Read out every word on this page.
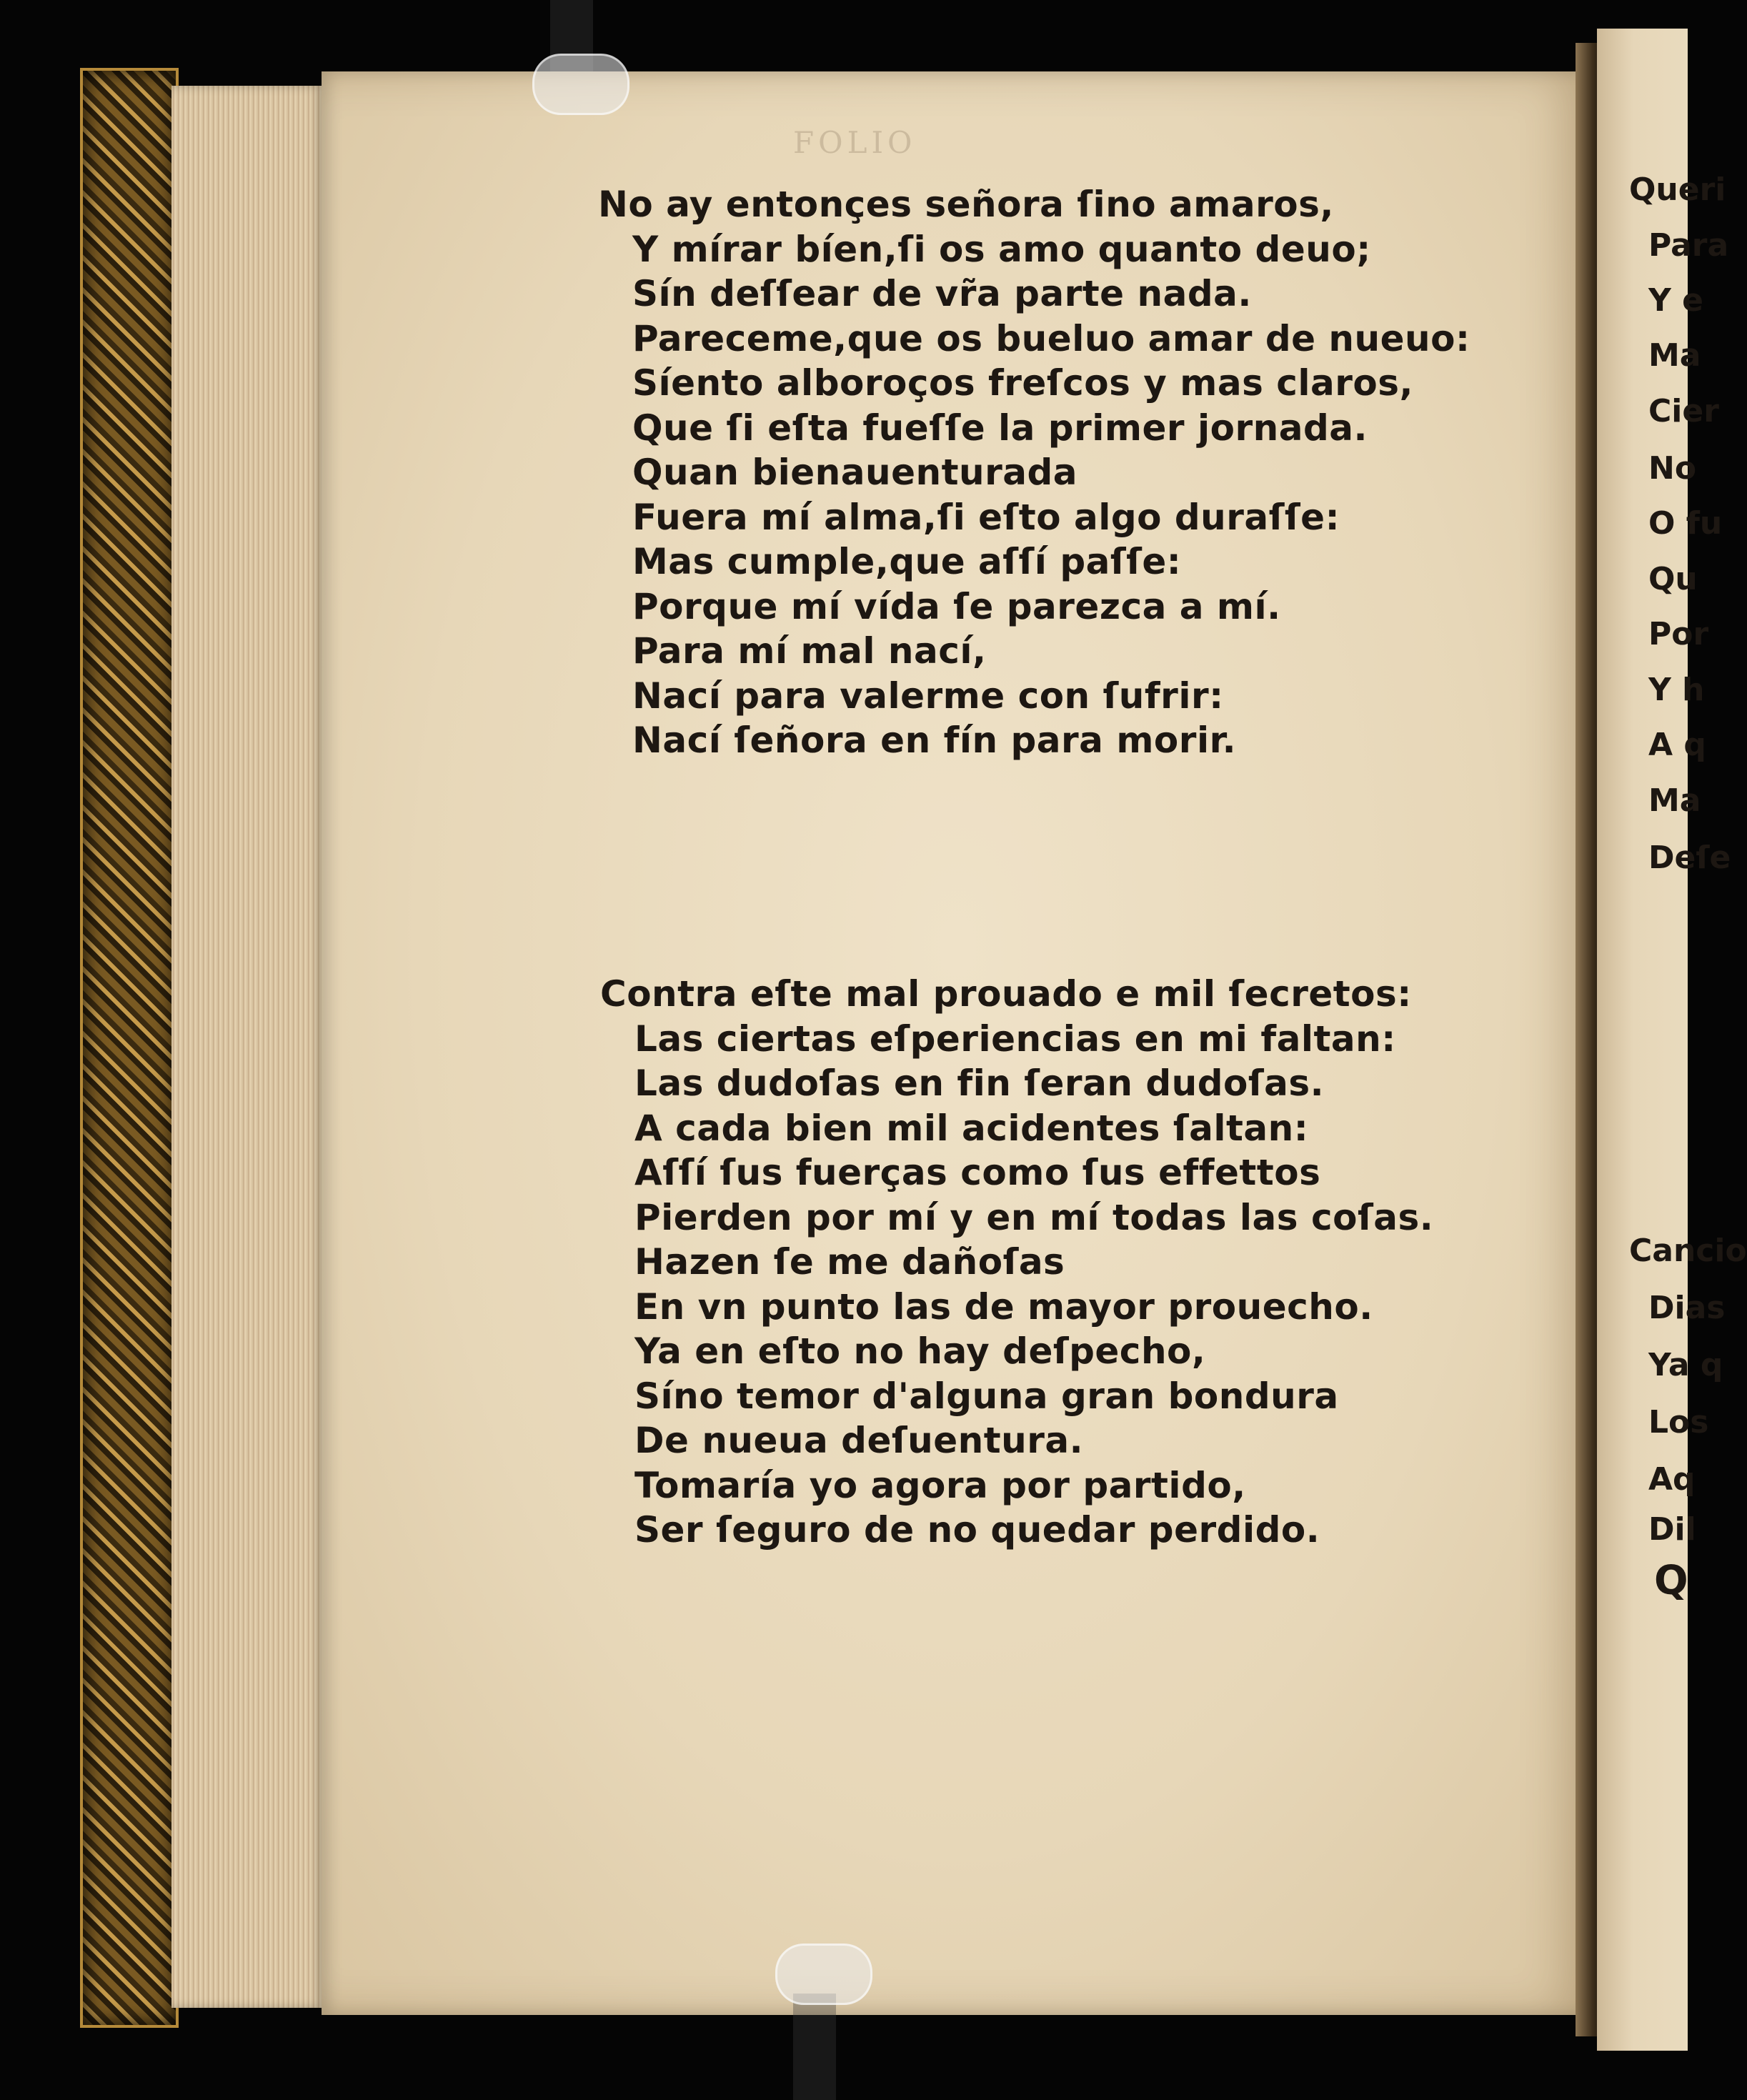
FOLIO
No ay entonçes señora ſino amaros,
Y mírar bíen,ſi os amo quanto deuo;
Sín deſſear de vr̃a parte nada.
Pareceme,que os bueluo amar de nueuo:
Síento alboroços freſcos y mas claros,
Que ſi eſta fueſſe la primer jornada.
Quan bienauenturada
Fuera mí alma,ſi eſto algo duraſſe:
Mas cumple,que aſſí paſſe:
Porque mí vída ſe parezca a mí.
Para mí mal nací,
Nací para valerme con ſufrir:
Nací ſeñora en fín para morir.
Contra eſte mal prouado e mil ſecretos:
Las ciertas eſperiencias en mi faltan:
Las dudoſas en fin ſeran dudoſas.
A cada bien mil acidentes ſaltan:
Aſſí ſus fuerças como ſus effettos
Pierden por mí y en mí todas las coſas.
Hazen ſe me dañoſas
En vn punto las de mayor prouecho.
Ya en eſto no hay deſpecho,
Síno temor d'alguna gran bondura
De nueua deſuentura.
Tomaría yo agora por partido,
Ser ſeguro de no quedar perdido.
Queri
Para
Y e
Ma
Cier
No
O fu
Qu
Por
Y h
A q
Ma
Deſe
Cancio
Dias
Ya q
Los
Aq
Dil
Q
